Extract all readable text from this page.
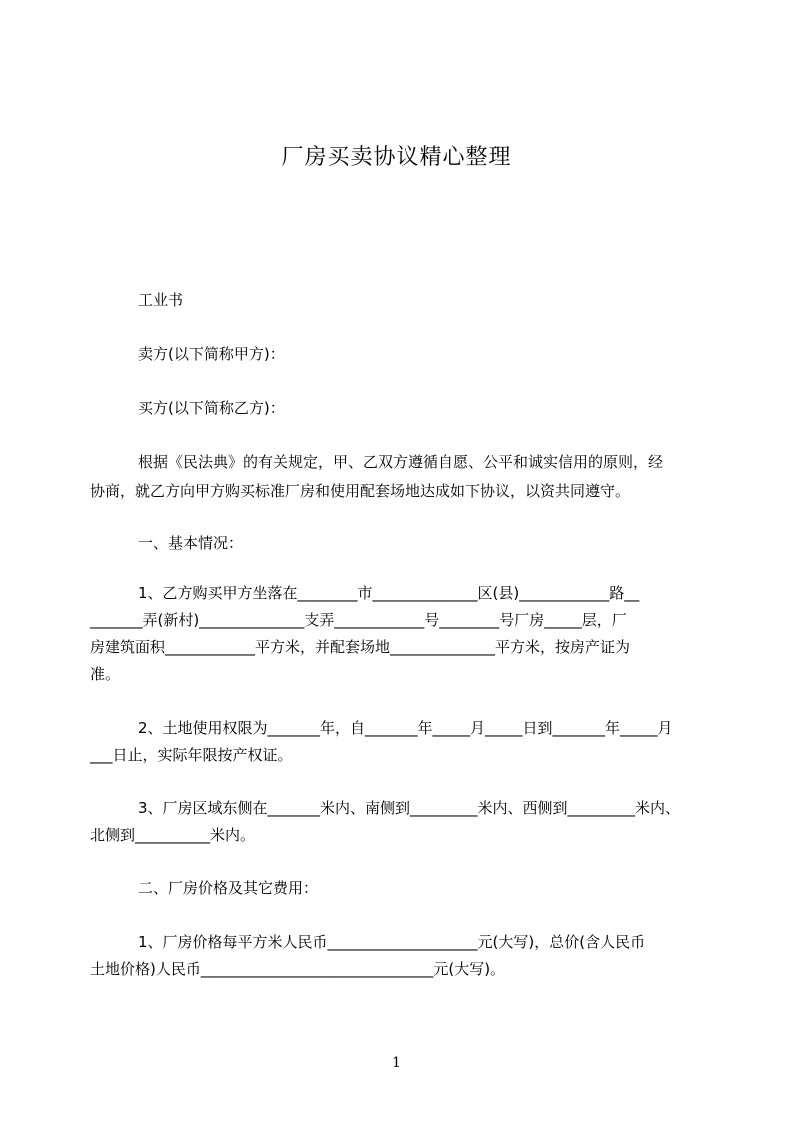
厂房买卖协议精心整理
工业书
卖方(以下简称甲方)：
买方(以下简称乙方)：
根据《民法典》的有关规定，甲、乙双方遵循自愿、公平和诚实信用的原则，经
协商，就乙方向甲方购买标准厂房和使用配套场地达成如下协议，以资共同遵守。
一、基本情况：
1、乙方购买甲方坐落在________市______________区(县)____________路__
_______弄(新村)______________支弄____________号________号厂房_____层，厂
房建筑面积____________平方米，并配套场地______________平方米，按房产证为
准。
2、土地使用权限为_______年，自_______年_____月_____日到_______年_____月
___日止，实际年限按产权证。
3、厂房区域东侧在_______米内、南侧到_________米内、西侧到_________米内、
北侧到__________米内。
二、厂房价格及其它费用：
1、厂房价格每平方米人民币____________________元(大写)，总价(含人民币
土地价格)人民币_______________________________元(大写)。
1
